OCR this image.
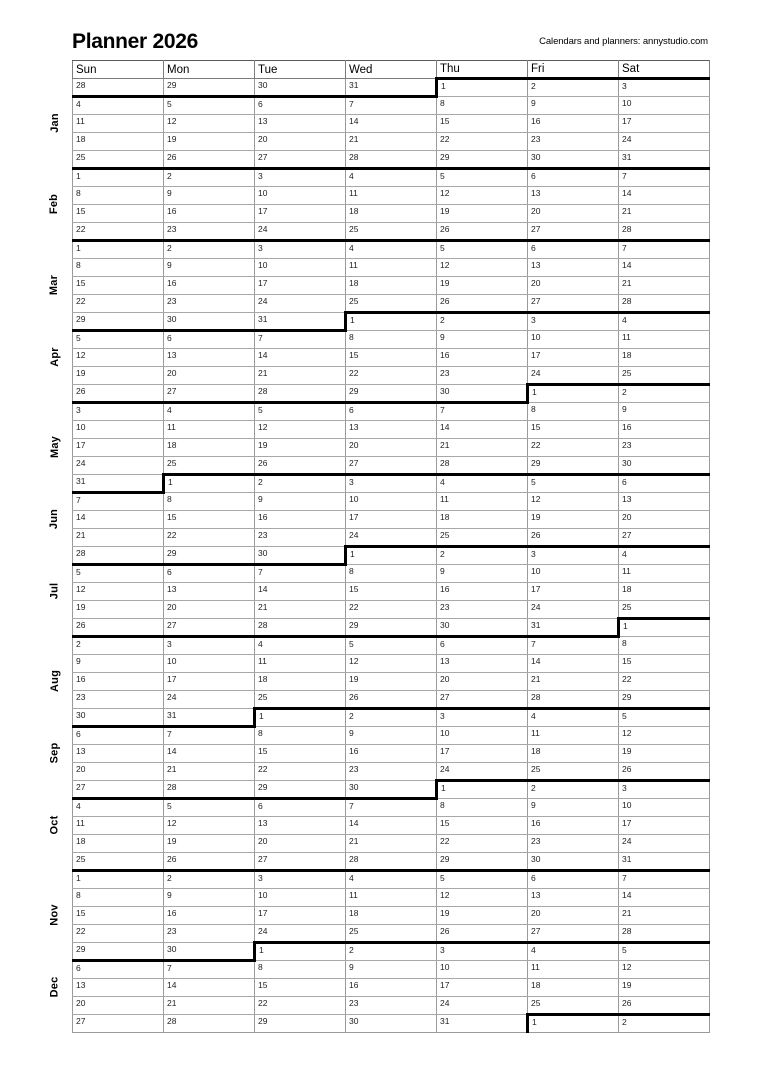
Planner 2026	Calendars and planners: annystudio.com
Jan
Feb
Mar
Apr
May
Jun
Jul
Aug
Sep
Oct
Nov
Dec
Sun	Mon	Tue	Wed	Thu	Fri	Sat
28	29	30	31	1	2	3
4	5	6	7	8	9	10
11	12	13	14	15	16	17
18	19	20	21	22	23	24
25	26	27	28	29	30	31
1	2	3	4	5	6	7
8	9	10	11	12	13	14
15	16	17	18	19	20	21
22	23	24	25	26	27	28
1	2	3	4	5	6	7
8	9	10	11	12	13	14
15	16	17	18	19	20	21
22	23	24	25	26	27	28
29	30	31	1	2	3	4
5	6	7	8	9	10	11
12	13	14	15	16	17	18
19	20	21	22	23	24	25
26	27	28	29	30	1	2
3	4	5	6	7	8	9
10	11	12	13	14	15	16
17	18	19	20	21	22	23
24	25	26	27	28	29	30
31	1	2	3	4	5	6
7	8	9	10	11	12	13
14	15	16	17	18	19	20
21	22	23	24	25	26	27
28	29	30	1	2	3	4
5	6	7	8	9	10	11
12	13	14	15	16	17	18
19	20	21	22	23	24	25
26	27	28	29	30	31	1
2	3	4	5	6	7	8
9	10	11	12	13	14	15
16	17	18	19	20	21	22
23	24	25	26	27	28	29
30	31	1	2	3	4	5
6	7	8	9	10	11	12
13	14	15	16	17	18	19
20	21	22	23	24	25	26
27	28	29	30	1	2	3
4	5	6	7	8	9	10
11	12	13	14	15	16	17
18	19	20	21	22	23	24
25	26	27	28	29	30	31
1	2	3	4	5	6	7
8	9	10	11	12	13	14
15	16	17	18	19	20	21
22	23	24	25	26	27	28
29	30	1	2	3	4	5
6	7	8	9	10	11	12
13	14	15	16	17	18	19
20	21	22	23	24	25	26
27	28	29	30	31	1	2
